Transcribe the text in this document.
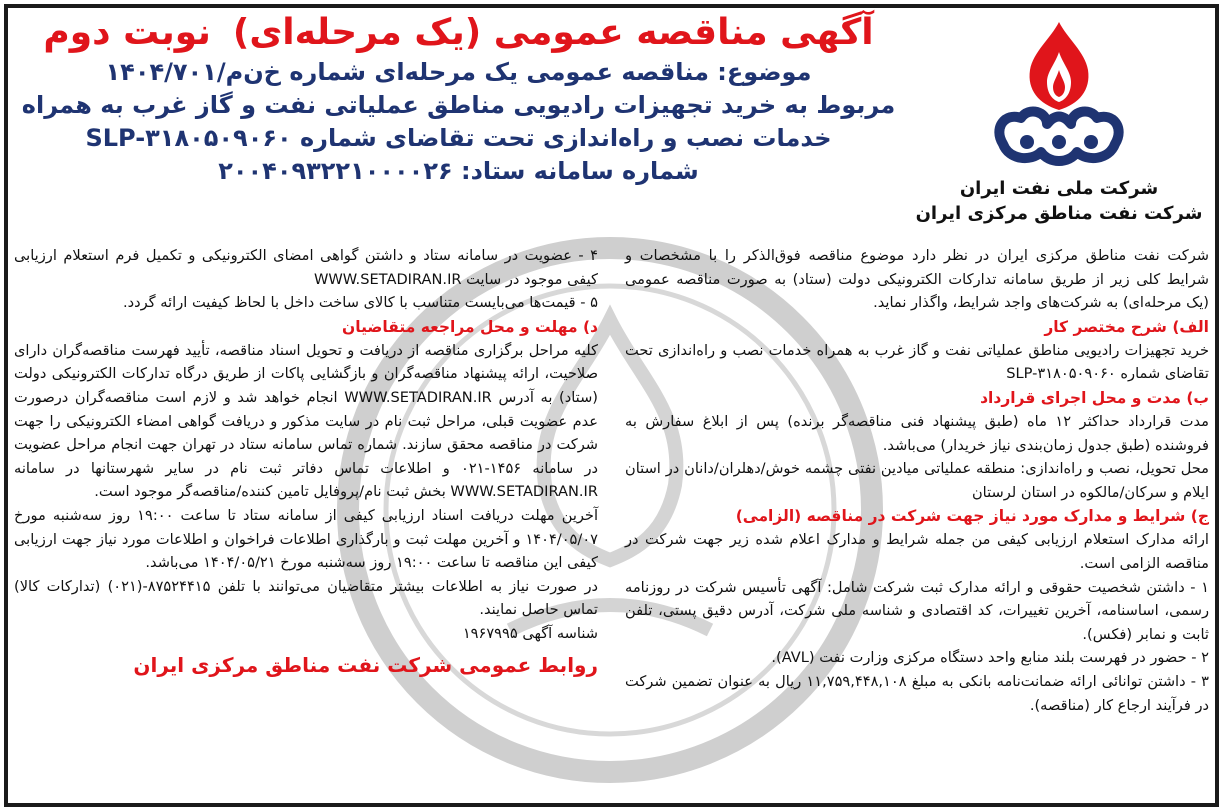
شرکت ملی نفت ایران
شرکت نفت مناطق مرکزی ایران
آگهی مناقصه عمومی (یک مرحله‌ای)نوبت دوم
موضوع: مناقصه عمومی یک مرحله‌ای شماره خ‌ن‌م/۱۴۰۴/۷۰۱
مربوط به خرید تجهیزات رادیویی مناطق عملیاتی نفت و گاز غرب به همراه
خدمات نصب و راه‌اندازی تحت تقاضای شماره SLP-۳۱۸۰۵۰۹۰۶۰
شماره سامانه ستاد: ۲۰۰۴۰۹۳۲۲۱۰۰۰۰۲۶

شرکت نفت مناطق مرکزی ایران در نظر دارد موضوع مناقصه فوق‌الذکر را با مشخصات و شرایط کلی زیر از طریق سامانه تدارکات الکترونیکی دولت (ستاد) به صورت مناقصه عمومی (یک مرحله‌ای) به شرکت‌های واجد شرایط، واگذار نماید.

الف) شرح مختصر کار

خرید تجهیزات رادیویی مناطق عملیاتی نفت و گاز غرب به همراه خدمات نصب و راه‌اندازی تحت تقاضای شماره SLP-۳۱۸۰۵۰۹۰۶۰

ب) مدت و محل اجرای قرارداد

مدت قرارداد حداکثر ۱۲ ماه (طبق پیشنهاد فنی مناقصه‌گر برنده) پس از ابلاغ سفارش به فروشنده (طبق جدول زمان‌بندی نیاز خریدار) می‌باشد.

محل تحویل، نصب و راه‌اندازی: منطقه عملیاتی میادین نفتی چشمه خوش/دهلران/دانان در استان ایلام و سرکان/مالکوه در استان لرستان

ج) شرایط و مدارک مورد نیاز جهت شرکت در مناقصه (الزامی)

ارائه مدارک استعلام ارزیابی کیفی من جمله شرایط و مدارک اعلام شده زیر جهت شرکت در مناقصه الزامی است.

۱ - داشتن شخصیت حقوقی و ارائه مدارک ثبت شرکت شامل: آگهی تأسیس شرکت در روزنامه رسمی، اساسنامه، آخرین تغییرات، کد اقتصادی و شناسه ملی شرکت، آدرس دقیق پستی، تلفن ثابت و نمابر (فکس).

۲ - حضور در فهرست بلند منابع واحد دستگاه مرکزی وزارت نفت (AVL).

۳ - داشتن توانائی ارائه ضمانت‌نامه بانکی به مبلغ ۱۱,۷۵۹,۴۴۸,۱۰۸ ریال به عنوان تضمین شرکت در فرآیند ارجاع کار (مناقصه).

۴ - عضویت در سامانه ستاد و داشتن گواهی امضای الکترونیکی و تکمیل فرم استعلام ارزیابی کیفی موجود در سایت WWW.SETADIRAN.IR

۵ - قیمت‌ها می‌بایست متناسب با کالای ساخت داخل با لحاظ کیفیت ارائه گردد.

د) مهلت و محل مراجعه متقاضیان

کلیه مراحل برگزاری مناقصه از دریافت و تحویل اسناد مناقصه، تأیید فهرست مناقصه‌گران دارای صلاحیت، ارائه پیشنهاد مناقصه‌گران و بازگشایی پاکات از طریق درگاه تدارکات الکترونیکی دولت (ستاد) به آدرس WWW.SETADIRAN.IR انجام خواهد شد و لازم است مناقصه‌گران در‌صورت عدم عضویت قبلی، مراحل ثبت نام در سایت مذکور و دریافت گواهی امضاء الکترونیکی را جهت شرکت در مناقصه محقق سازند. شماره تماس سامانه ستاد در تهران جهت انجام مراحل عضویت در سامانه ۱۴۵۶-۰۲۱ و اطلاعات تماس دفاتر ثبت نام در سایر شهرستانها در سامانه WWW.SETADIRAN.IR بخش ثبت نام/پروفایل تامین کننده/مناقصه‌گر موجود است.

آخرین مهلت دریافت اسناد ارزیابی کیفی از سامانه ستاد تا ساعت ۱۹:۰۰ روز سه‌شنبه مورخ ۱۴۰۴/۰۵/۰۷ و آخرین مهلت ثبت و بارگذاری اطلاعات فراخوان و اطلاعات مورد نیاز جهت ارزیابی کیفی این مناقصه تا ساعت ۱۹:۰۰ روز سه‌شنبه مورخ ۱۴۰۴/۰۵/۲۱ می‌باشد.

در صورت نیاز به اطلاعات بیشتر متقاضیان می‌توانند با تلفن ۸۷۵۲۴۴۱۵-(۰۲۱) (تدارکات کالا) تماس حاصل نمایند.

شناسه آگهی ۱۹۶۷۹۹۵

روابط عمومی شرکت نفت مناطق مرکزی ایران
